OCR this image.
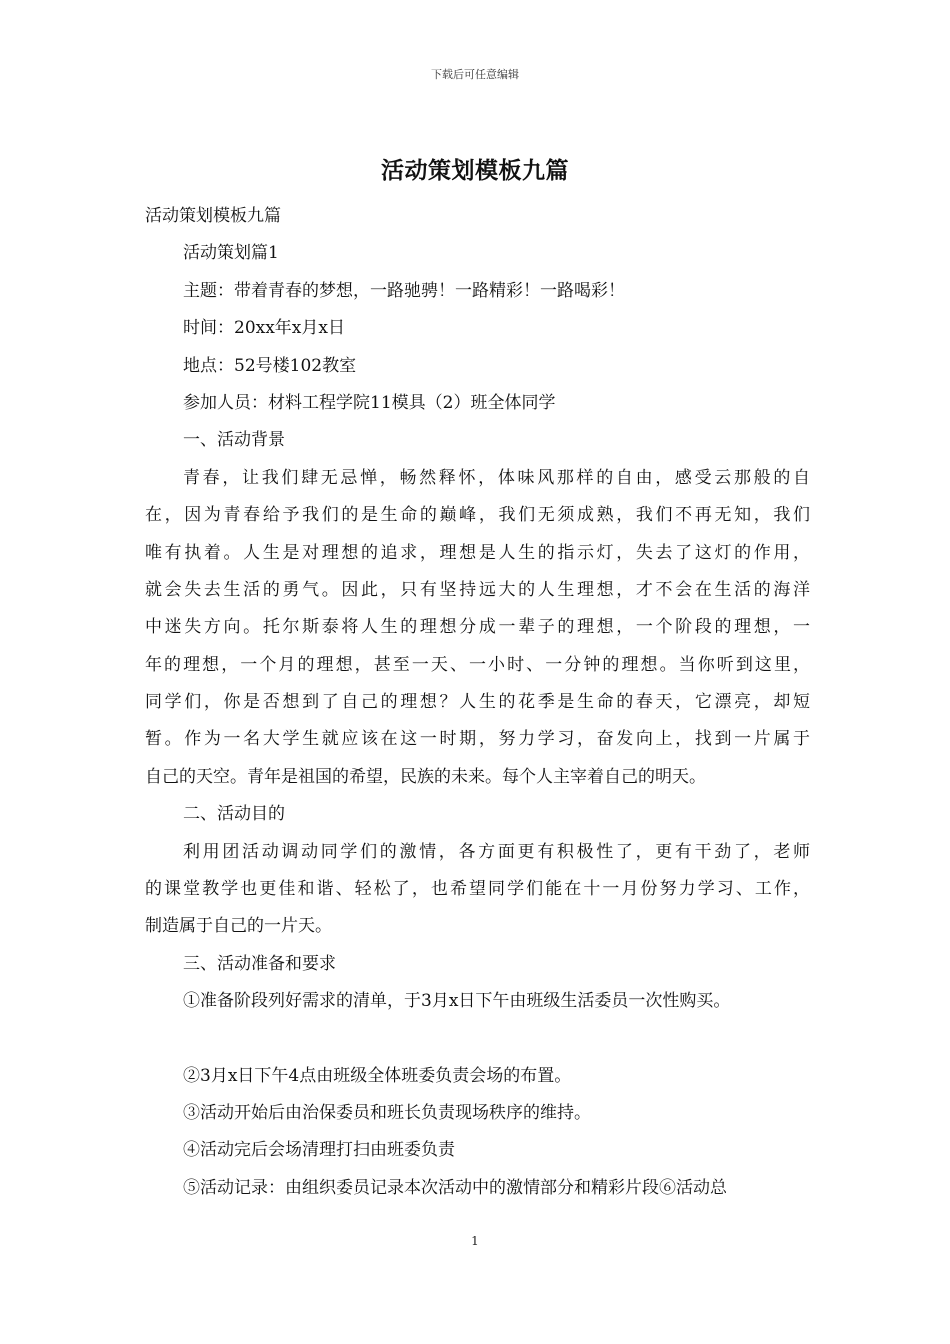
下载后可任意编辑
活动策划模板九篇
活动策划模板九篇
活动策划篇1
主题：带着青春的梦想，一路驰骋！一路精彩！一路喝彩！
时间：20xx年x月x日
地点：52号楼102教室
参加人员：材料工程学院11模具（2）班全体同学
一、活动背景
青春，让我们肆无忌惮，畅然释怀，体味风那样的自由，感受云那般的自
在，因为青春给予我们的是生命的巅峰，我们无须成熟，我们不再无知，我们
唯有执着。人生是对理想的追求，理想是人生的指示灯，失去了这灯的作用，
就会失去生活的勇气。因此，只有坚持远大的人生理想，才不会在生活的海洋
中迷失方向。托尔斯泰将人生的理想分成一辈子的理想，一个阶段的理想，一
年的理想，一个月的理想，甚至一天、一小时、一分钟的理想。当你听到这里，
同学们，你是否想到了自己的理想？人生的花季是生命的春天，它漂亮，却短
暂。作为一名大学生就应该在这一时期，努力学习，奋发向上，找到一片属于
自己的天空。青年是祖国的希望，民族的未来。每个人主宰着自己的明天。
二、活动目的
利用团活动调动同学们的激情，各方面更有积极性了，更有干劲了，老师
的课堂教学也更佳和谐、轻松了，也希望同学们能在十一月份努力学习、工作，
制造属于自己的一片天。
三、活动准备和要求
①准备阶段列好需求的清单，于3月x日下午由班级生活委员一次性购买。
②3月x日下午4点由班级全体班委负责会场的布置。
③活动开始后由治保委员和班长负责现场秩序的维持。
④活动完后会场清理打扫由班委负责
⑤活动记录：由组织委员记录本次活动中的激情部分和精彩片段⑥活动总
1
